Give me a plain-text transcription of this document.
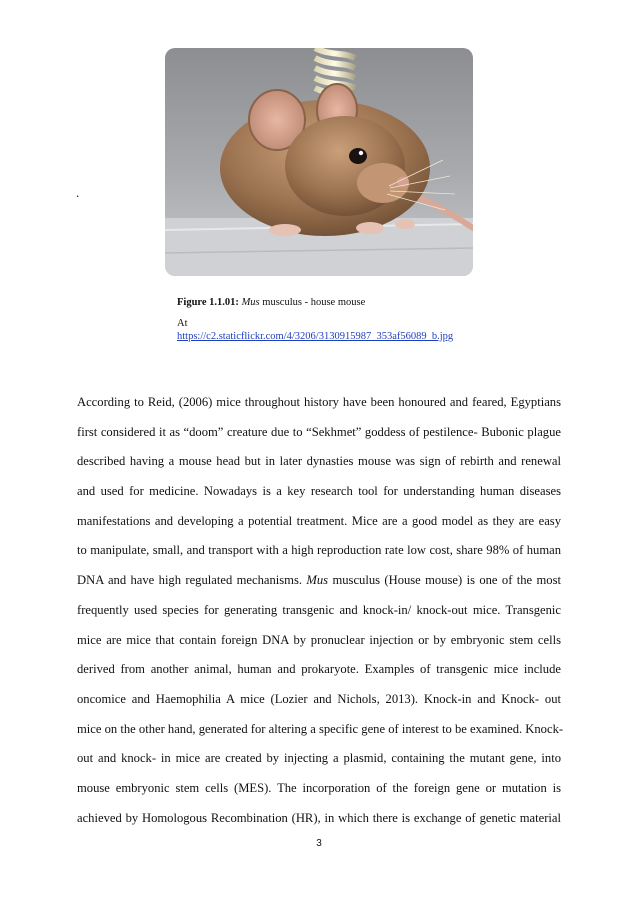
.
Figure 1.1.01: Mus musculus - house mouse
At
https://c2.staticflickr.com/4/3206/3130915987_353af56089_b.jpg
According to Reid, (2006) mice throughout history have been honoured and feared, Egyptians
first considered it as “doom” creature due to “Sekhmet” goddess of pestilence- Bubonic plague
described having a mouse head but in later dynasties mouse was sign of rebirth and renewal
and used for medicine. Nowadays is a key research tool for understanding human diseases
manifestations and developing a potential treatment. Mice are a good model as they are easy
to manipulate, small, and transport with a high reproduction rate low cost, share 98% of human
DNA and have high regulated mechanisms. Mus musculus (House mouse) is one of the most
frequently used species for generating transgenic and knock-in/ knock-out mice. Transgenic
mice are mice that contain foreign DNA by pronuclear injection or by embryonic stem cells
derived from another animal, human and prokaryote. Examples of transgenic mice include
oncomice and Haemophilia A mice (Lozier and Nichols, 2013). Knock-in and Knock- out
mice on the other hand, generated for altering a specific gene of interest to be examined. Knock-
out and knock- in mice are created by injecting a plasmid, containing the mutant gene, into
mouse embryonic stem cells (MES). The incorporation of the foreign gene or mutation is
achieved by Homologous Recombination (HR), in which there is exchange of genetic material
3
